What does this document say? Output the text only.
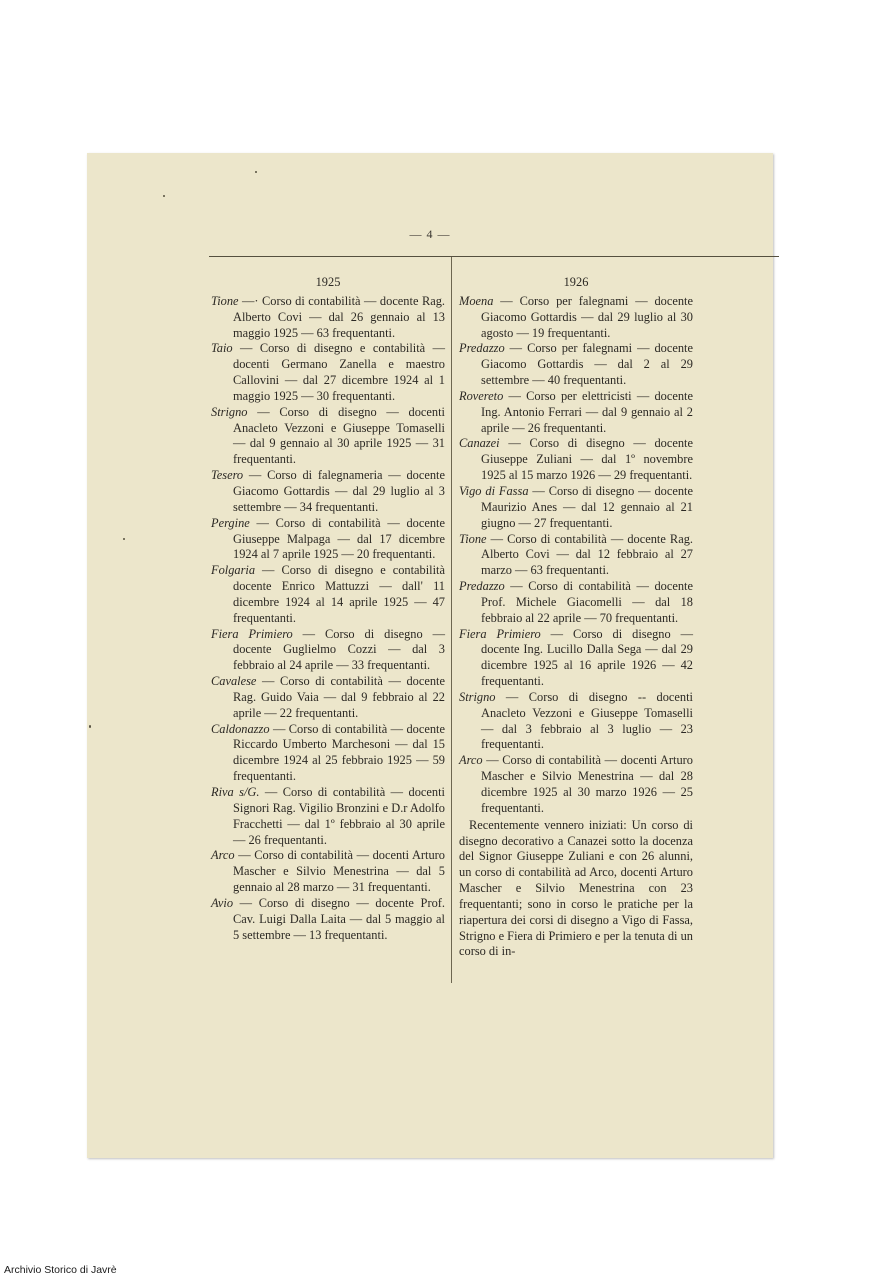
— 4 —
1925
Tione —· Corso di contabilità — docente Rag. Alberto Covi — dal 26 gennaio al 13 maggio 1925 — 63 frequentanti.
Taio — Corso di disegno e contabilità — docenti Germano Zanella e maestro Callovini — dal 27 dicembre 1924 al 1 maggio 1925 — 30 frequentanti.
Strigno — Corso di disegno — docenti Anacleto Vezzoni e Giuseppe Tomaselli — dal 9 gennaio al 30 aprile 1925 — 31 frequentanti.
Tesero — Corso di falegnameria — docente Giacomo Gottardis — dal 29 luglio al 3 settembre — 34 frequentanti.
Pergine — Corso di contabilità — docente Giuseppe Malpaga — dal 17 dicembre 1924 al 7 aprile 1925 — 20 frequentanti.
Folgaria — Corso di disegno e contabilità docente Enrico Mattuzzi — dall' 11 dicembre 1924 al 14 aprile 1925 — 47 frequentanti.
Fiera Primiero — Corso di disegno — docente Guglielmo Cozzi — dal 3 febbraio al 24 aprile — 33 frequentanti.
Cavalese — Corso di contabilità — docente Rag. Guido Vaia — dal 9 febbraio al 22 aprile — 22 frequentanti.
Caldonazzo — Corso di contabilità — docente Riccardo Umberto Marchesoni — dal 15 dicembre 1924 al 25 febbraio 1925 — 59 frequentanti.
Riva s/G. — Corso di contabilità — docenti Signori Rag. Vigilio Bronzini e D.r Adolfo Fracchetti — dal 1º febbraio al 30 aprile — 26 frequentanti.
Arco — Corso di contabilità — docenti Arturo Mascher e Silvio Menestrina — dal 5 gennaio al 28 marzo — 31 frequentanti.
Avio — Corso di disegno — docente Prof. Cav. Luigi Dalla Laita — dal 5 maggio al 5 settembre — 13 frequentanti.
1926
Moena — Corso per falegnami — docente Giacomo Gottardis — dal 29 luglio al 30 agosto — 19 frequentanti.
Predazzo — Corso per falegnami — docente Giacomo Gottardis — dal 2 al 29 settembre — 40 frequentanti.
Rovereto — Corso per elettricisti — docente Ing. Antonio Ferrari — dal 9 gennaio al 2 aprile — 26 frequentanti.
Canazei — Corso di disegno — docente Giuseppe Zuliani — dal 1º novembre 1925 al 15 marzo 1926 — 29 frequentanti.
Vigo di Fassa — Corso di disegno — docente Maurizio Anes — dal 12 gennaio al 21 giugno — 27 frequentanti.
Tione — Corso di contabilità — docente Rag. Alberto Covi — dal 12 febbraio al 27 marzo — 63 frequentanti.
Predazzo — Corso di contabilità — docente Prof. Michele Giacomelli — dal 18 febbraio al 22 aprile — 70 frequentanti.
Fiera Primiero — Corso di disegno — docente Ing. Lucillo Dalla Sega — dal 29 dicembre 1925 al 16 aprile 1926 — 42 frequentanti.
Strigno — Corso di disegno -- docenti Anacleto Vezzoni e Giuseppe Tomaselli — dal 3 febbraio al 3 luglio — 23 frequentanti.
Arco — Corso di contabilità — docenti Arturo Mascher e Silvio Menestrina — dal 28 dicembre 1925 al 30 marzo 1926 — 25 frequentanti.
Recentemente vennero iniziati: Un corso di disegno decorativo a Canazei sotto la docenza del Signor Giuseppe Zuliani e con 26 alunni, un corso di contabilità ad Arco, docenti Arturo Mascher e Silvio Menestrina con 23 frequentanti; sono in corso le pratiche per la riapertura dei corsi di disegno a Vigo di Fassa, Strigno e Fiera di Primiero e per la tenuta di un corso di in-
Archivio Storico di Javrè
